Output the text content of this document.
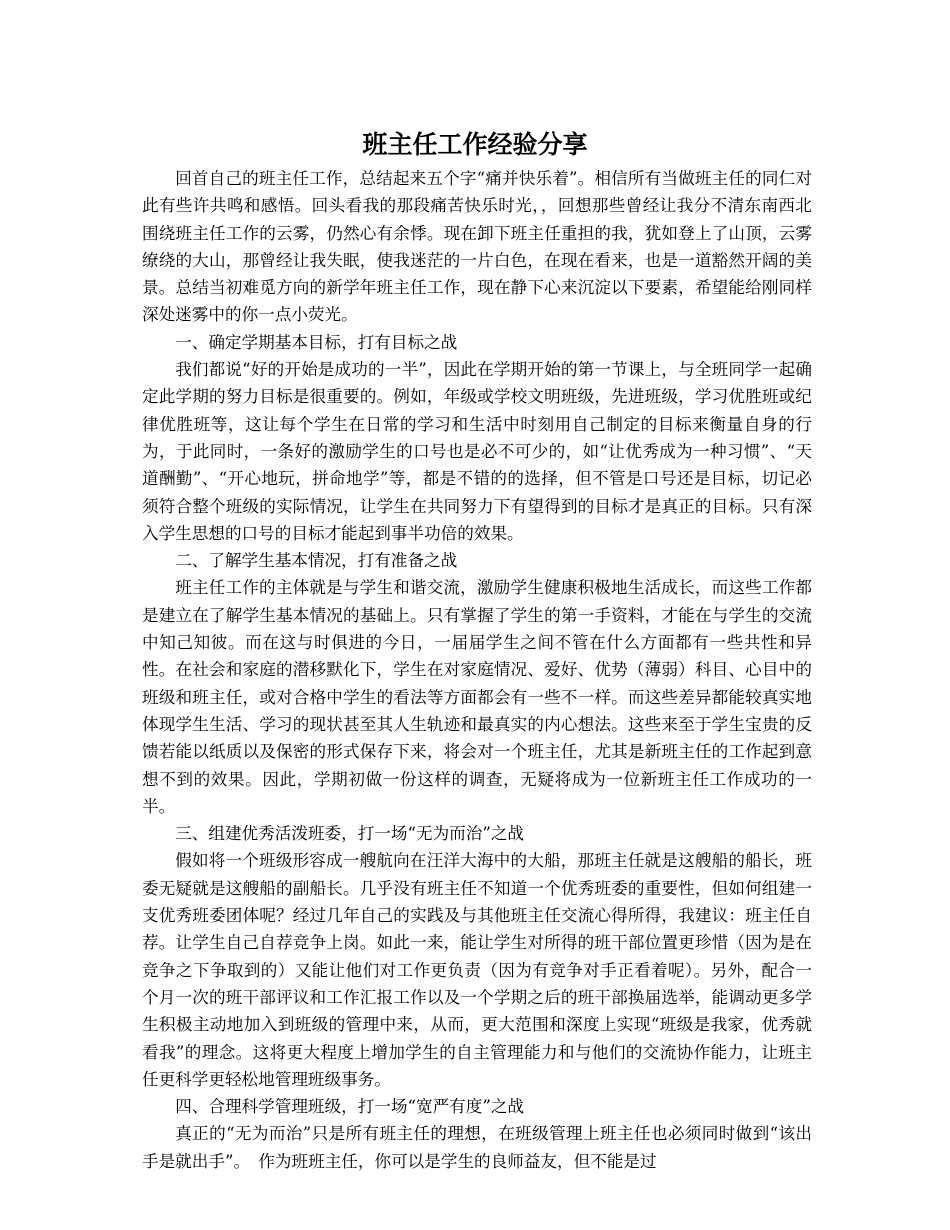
班主任工作经验分享

回首自己的班主任工作，总结起来五个字“痛并快乐着”。相信所有当做班主任的同仁对此有些许共鸣和感悟。回头看我的那段痛苦快乐时光，，回想那些曾经让我分不清东南西北围绕班主任工作的云雾，仍然心有余悸。现在卸下班主任重担的我，犹如登上了山顶，云雾缭绕的大山，那曾经让我失眠，使我迷茫的一片白色，在现在看来，也是一道豁然开阔的美景。总结当初难觅方向的新学年班主任工作，现在静下心来沉淀以下要素，希望能给刚同样深处迷雾中的你一点小荧光。

一、确定学期基本目标，打有目标之战

我们都说“好的开始是成功的一半”，因此在学期开始的第一节课上，与全班同学一起确定此学期的努力目标是很重要的。例如，年级或学校文明班级，先进班级，学习优胜班或纪律优胜班等，这让每个学生在日常的学习和生活中时刻用自己制定的目标来衡量自身的行为，于此同时，一条好的激励学生的口号也是必不可少的，如“让优秀成为一种习惯”、“天道酬勤”、“开心地玩，拼命地学”等，都是不错的的选择，但不管是口号还是目标，切记必须符合整个班级的实际情况，让学生在共同努力下有望得到的目标才是真正的目标。只有深入学生思想的口号的目标才能起到事半功倍的效果。

二、了解学生基本情况，打有准备之战

班主任工作的主体就是与学生和谐交流，激励学生健康积极地生活成长，而这些工作都是建立在了解学生基本情况的基础上。只有掌握了学生的第一手资料，才能在与学生的交流中知己知彼。而在这与时俱进的今日，一届届学生之间不管在什么方面都有一些共性和异性。在社会和家庭的潜移默化下，学生在对家庭情况、爱好、优势（薄弱）科目、心目中的班级和班主任，或对合格中学生的看法等方面都会有一些不一样。而这些差异都能较真实地体现学生生活、学习的现状甚至其人生轨迹和最真实的内心想法。这些来至于学生宝贵的反馈若能以纸质以及保密的形式保存下来，将会对一个班主任，尤其是新班主任的工作起到意想不到的效果。因此，学期初做一份这样的调查，无疑将成为一位新班主任工作成功的一半。

三、组建优秀活泼班委，打一场“无为而治”之战

假如将一个班级形容成一艘航向在汪洋大海中的大船，那班主任就是这艘船的船长，班委无疑就是这艘船的副船长。几乎没有班主任不知道一个优秀班委的重要性，但如何组建一支优秀班委团体呢？经过几年自己的实践及与其他班主任交流心得所得，我建议：班主任自荐。让学生自己自荐竞争上岗。如此一来，能让学生对所得的班干部位置更珍惜（因为是在竞争之下争取到的）又能让他们对工作更负责（因为有竞争对手正看着呢）。另外，配合一个月一次的班干部评议和工作汇报工作以及一个学期之后的班干部换届选举，能调动更多学生积极主动地加入到班级的管理中来，从而，更大范围和深度上实现“班级是我家，优秀就看我”的理念。这将更大程度上增加学生的自主管理能力和与他们的交流协作能力，让班主任更科学更轻松地管理班级事务。

四、合理科学管理班级，打一场“宽严有度”之战

真正的“无为而治”只是所有班主任的理想，在班级管理上班主任也必须同时做到“该出手是就出手”。　作为班班主任，你可以是学生的良师益友，但不能是过
